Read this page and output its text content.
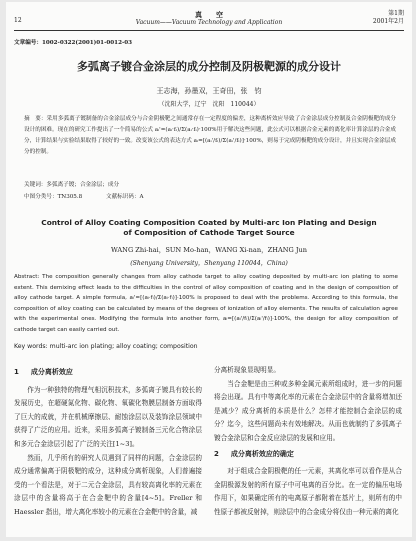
12
真　　空
Vacuum——Vacuum Technology and Application
第1期
2001年2月
文章编号：1002-0322(2001)01-0012-03
多弧离子镀合金涂层的成分控制及阴极靶源的成分设计
王志海，孙墨双，王奇田，张　钧
（沈阳大学，辽宁　沈阳　110044）
摘　要：采用多弧离子镀制备的合金涂层成分与合金阴极靶之间通常存在一定程度的偏差，这种离析效应导致了合金涂层成分控制及合金阴极靶的成分设计的困难。现在的研究工作提出了一个简易的公式 aᵢ'=(aᵢ·fᵢ)/Σ(aᵢ·fᵢ)·100%用于解决这些问题，此公式可以根据合金元素的离化率计算涂层的合金成分，计算结果与实验结果取得了较好的一致。改变该公式的表达方式 aᵢ=[(aᵢ'/fᵢ)/Σ(aᵢ'/fᵢ)]·100%，则易于完成阴极靶的成分设计，并且实现合金涂层成分的控制。
关键词：多弧离子镀；合金涂层；成分
中图分类号：TN305.8	文献标识码：A
Control of Alloy Coating Composition Coated by Multi-arc Ion Plating and Design of Composition of Cathode Target Source
WANG Zhi-hai，SUN Mo-han，WANG Xi-nan，ZHANG Jun
(Shenyang University，Shenyang 110044，China)
Abstract: The composition generally changes from alloy cathode target to alloy coating deposited by multi-arc ion plating to some extent. This demixing effect leads to the difficulties in the control of alloy composition of coating and in the design of composition of alloy cathode target. A simple formula, aᵢ'=[(aᵢ·fᵢ)/Σ(aᵢ·fᵢ)]·100% is proposed to deal with the problems. According to this formula, the composition of alloy coating can be calculated by means of the degrees of ionization of alloy elements. The results of calculation agree with the experimental ones. Modifying the formula into another form, aᵢ=[(aᵢ'/fᵢ)/Σ(aᵢ'/fᵢ)]·100%, the design for alloy composition of cathode target can easily carried out.
Key words: multi-arc ion plating; alloy coating; composition
1 成分离析效应

作为一种独特的物理气相沉积技术，多弧离子镀具有较长的发展历史，在超硬氮化物、碳化物、氧碳化物膜层制备方面取得了巨大的成就，并在机械摩擦层、耐蚀涂层以及装饰涂层领域中获得了广泛的应用。近来，采用多弧离子镀制备三元化合物涂层和多元合金涂层引起了广泛的关注[1~3]。

然而，几乎所有的研究人员遇到了同样的问题，合金涂层的成分通常偏离于阴极靶的成分，这种成分离析现象，人们普遍接受的一个看法是，对于二元合金涂层，具有较高离化率的元素在涂层中的含量将高于在合金靶中的含量[4~5]。Freller 和 Haessler 指出，增大离化率较小的元素在合金靶中的含量，减

分离析现象显现明显。

当合金靶是由三种或多种金属元素所组成时，进一步的问题将会出现。具有中等离化率的元素在合金涂层中的含量将增加还是减少？成分离析的本质是什么？怎样才能控制合金涂层的成分？迄今，这些问题尚未有效地解决。从而也就制约了多弧离子镀合金涂层和合金反应涂层的发展和应用。

2 成分离析效应的确定

对于组成合金阴极靶的任一元素，其离化率可以看作是从合金阴极源发射的所有原子中可电离的百分比。在一定的偏压电场作用下，如果确定所有的电离原子都附着在基片上，则所有的中性原子都被反射掉，则涂层中的合金成分将仅由一种元素的离化
